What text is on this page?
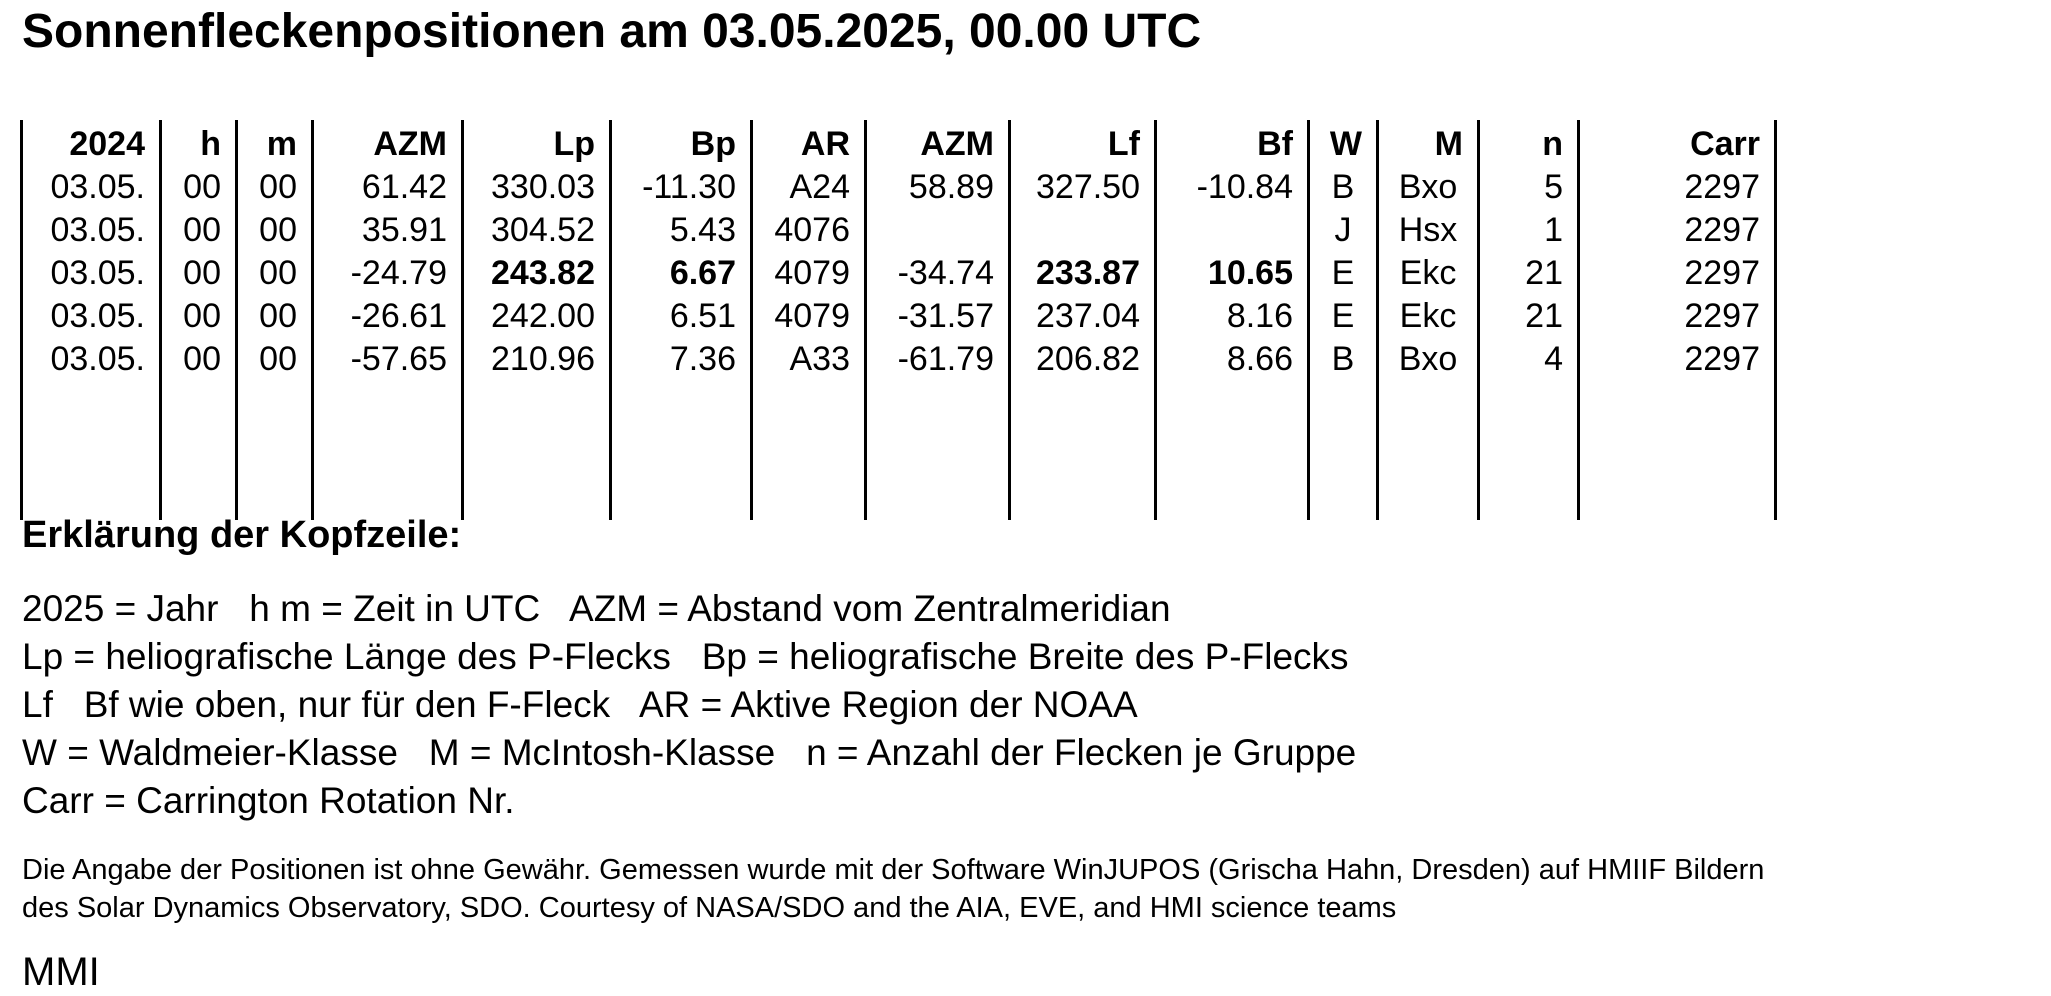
Sonnenfleckenpositionen am 03.05.2025, 00.00 UTC
2024	h	m	AZM	Lp	Bp	AR	AZM	Lf	Bf	W	M	n	Carr
03.05.	00	00	61.42	330.03	-11.30	A24	58.89	327.50	-10.84	B	Bxo	5	2297
03.05.	00	00	35.91	304.52	5.43	4076				J	Hsx	1	2297
03.05.	00	00	-24.79	243.82	6.67	4079	-34.74	233.87	10.65	E	Ekc	21	2297
03.05.	00	00	-26.61	242.00	6.51	4079	-31.57	237.04	8.16	E	Ekc	21	2297
03.05.	00	00	-57.65	210.96	7.36	A33	-61.79	206.82	8.66	B	Bxo	4	2297

Erklärung der Kopfzeile:
2025 = Jahr   h m = Zeit in UTC   AZM = Abstand vom Zentralmeridian
Lp = heliografische Länge des P-Flecks   Bp = heliografische Breite des P-Flecks
Lf   Bf wie oben, nur für den F-Fleck   AR = Aktive Region der NOAA
W = Waldmeier-Klasse   M = McIntosh-Klasse   n = Anzahl der Flecken je Gruppe
Carr = Carrington Rotation Nr.
Die Angabe der Positionen ist ohne Gewähr. Gemessen wurde mit der Software WinJUPOS (Grischa Hahn, Dresden) auf HMIIF Bildern
des Solar Dynamics Observatory, SDO. Courtesy of NASA/SDO and the AIA, EVE, and HMI science teams
MMI
